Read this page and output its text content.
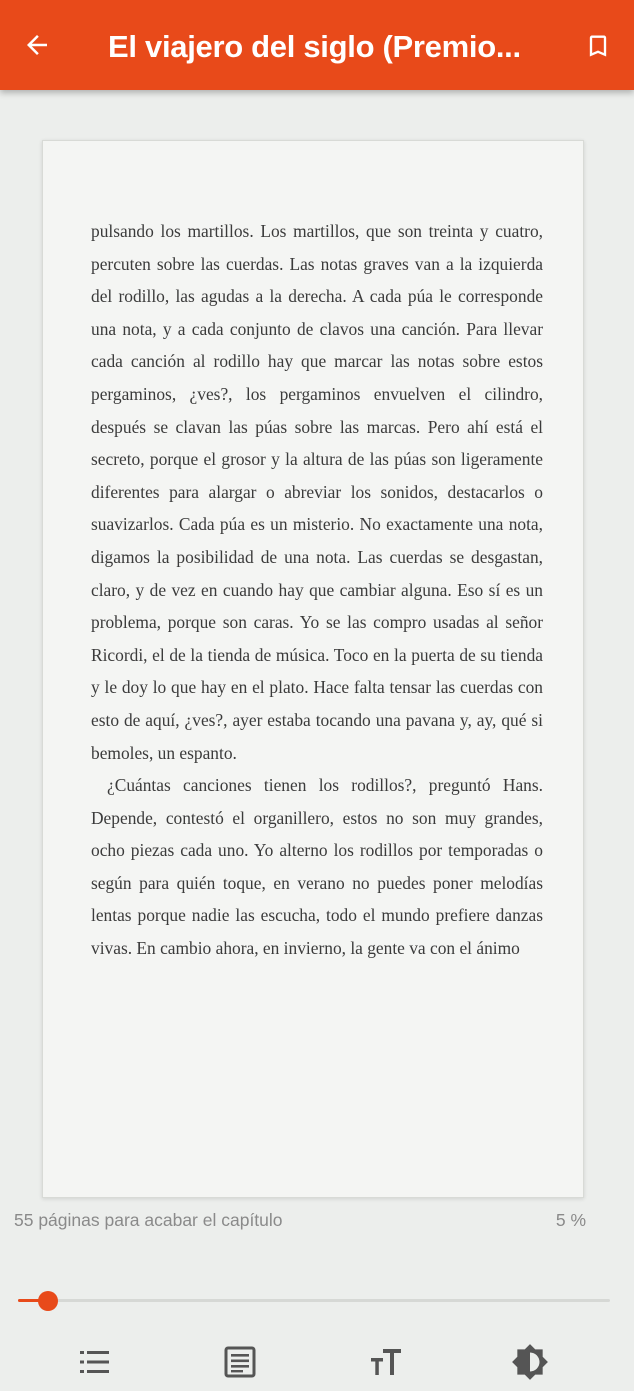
El viajero del siglo (Premio...

pulsando los martillos. Los martillos, que son treinta y cuatro, percuten sobre las cuerdas. Las notas graves van a la izquierda del rodillo, las agudas a la derecha. A cada púa le corresponde una nota, y a cada conjunto de clavos una canción. Para llevar cada canción al rodillo hay que marcar las notas sobre estos pergaminos, ¿ves?, los pergaminos envuelven el cilindro, después se clavan las púas sobre las marcas. Pero ahí está el secreto, porque el grosor y la altura de las púas son ligeramente diferentes para alargar o abreviar los sonidos, destacarlos o suavizarlos. Cada púa es un misterio. No exactamente una nota, digamos la posibilidad de una nota. Las cuerdas se desgastan, claro, y de vez en cuando hay que cambiar alguna. Eso sí es un problema, porque son caras. Yo se las compro usadas al señor Ricordi, el de la tienda de música. Toco en la puerta de su tienda y le doy lo que hay en el plato. Hace falta tensar las cuerdas con esto de aquí, ¿ves?, ayer estaba tocando una pavana y, ay, qué si bemoles, un espanto.

¿Cuántas canciones tienen los rodillos?, preguntó Hans. Depende, contestó el organillero, estos no son muy grandes, ocho piezas cada uno. Yo alterno los rodillos por temporadas o según para quién toque, en verano no puedes poner melodías lentas porque nadie las escucha, todo el mundo prefiere danzas vivas. En cambio ahora, en invierno, la gente va con el ánimo

55 páginas para acabar el capítulo	5 %
